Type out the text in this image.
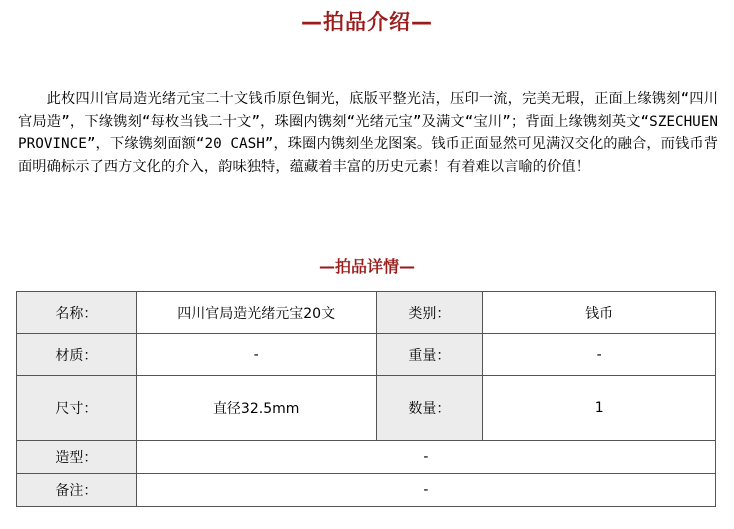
—拍品介绍—

此枚四川官局造光绪元宝二十文钱币原色铜光，底版平整光洁，压印一流，完美无瑕，正面上缘镌刻“四川官局造”，下缘镌刻“每枚当钱二十文”，珠圈内镌刻“光绪元宝”及满文“宝川”；背面上缘镌刻英文“SZECHUEN PROVINCE”，下缘镌刻面额“20 CASH”，珠圈内镌刻坐龙图案。钱币正面显然可见满汉交化的融合，而钱币背面明确标示了西方文化的介入，韵味独特，蕴藏着丰富的历史元素！有着难以言喻的价值！

—拍品详情—
名称：	四川官局造光绪元宝20文	类别：	钱币
材质：	-	重量：	-
尺寸：	直径32.5mm	数量：	1
造型：	-		
备注：	-		
